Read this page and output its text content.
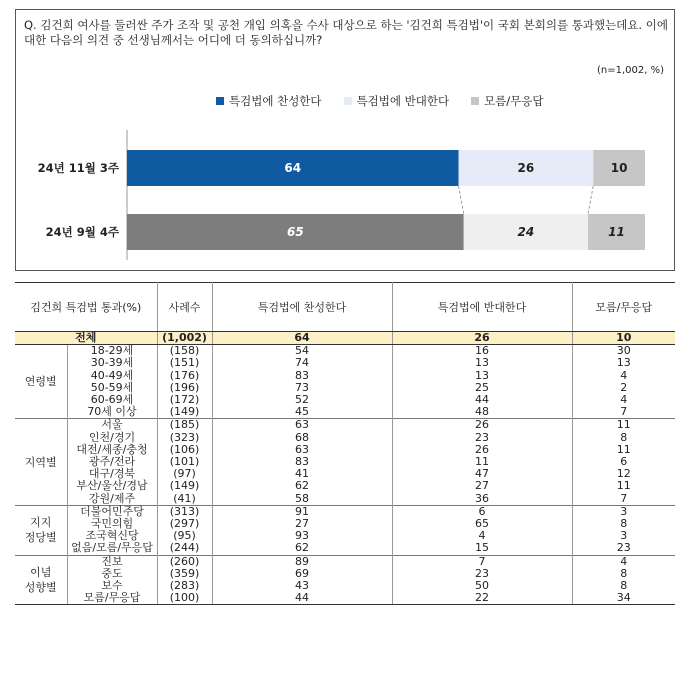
Q. 김건희 여사를 둘러싼 주가 조작 및 공천 개입 의혹을 수사 대상으로 하는 '김건희 특검법'이 국회 본회의를 통과했는데요. 이에 대한 다음의 의견 중 선생님께서는 어디에 더 동의하십니까?
(n=1,002, %)
특검법에 찬성한다	특검법에 반대한다	모름/무응답
24년 11월 3주	64	26	10
24년 9월 4주	65	24	11
김건희 특검법 통과(%)		사례수	특검법에 찬성한다	특검법에 반대한다	모름/무응답
전체		(1,002)	64	26	10
연령별	18-29세	(158)	54	16	30
	30-39세	(151)	74	13	13
	40-49세	(176)	83	13	4
	50-59세	(196)	73	25	2
	60-69세	(172)	52	44	4
	70세 이상	(149)	45	48	7
지역별	서울	(185)	63	26	11
	인천/경기	(323)	68	23	8
	대전/세종/충청	(106)	63	26	11
	광주/전라	(101)	83	11	6
	대구/경북	(97)	41	47	12
	부산/울산/경남	(149)	62	27	11
	강원/제주	(41)	58	36	7
지지
정당별	더불어민주당	(313)	91	6	3
	국민의힘	(297)	27	65	8
	조국혁신당	(95)	93	4	3
	없음/모름/무응답	(244)	62	15	23
이념
성향별	진보	(260)	89	7	4
	중도	(359)	69	23	8
	보수	(283)	43	50	8
	모름/무응답	(100)	44	22	34
